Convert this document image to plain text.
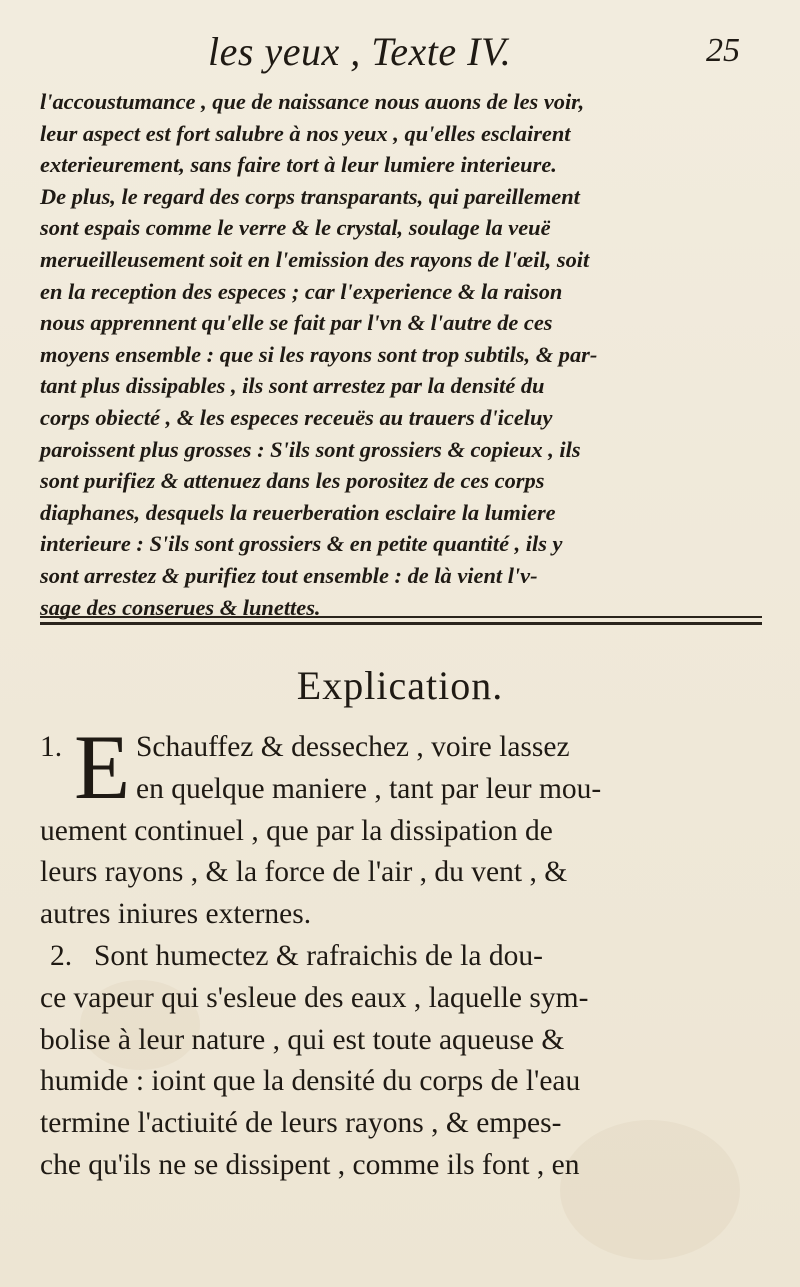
les yeux , Texte IV.	25
l'accoustumance , que de naissance nous auons de les voir,
leur aspect est fort salubre à nos yeux , qu'elles esclairent
exterieurement, sans faire tort à leur lumiere interieure.
De plus, le regard des corps transparants, qui pareillement
sont espais comme le verre & le crystal, soulage la veuë
merueilleusement soit en l'emission des rayons de l'œil, soit
en la reception des especes ; car l'experience & la raison
nous apprennent qu'elle se fait par l'vn & l'autre de ces
moyens ensemble : que si les rayons sont trop subtils, & par-
tant plus dissipables , ils sont arrestez par la densité du
corps obiecté , & les especes receuës au trauers d'iceluy
paroissent plus grosses : S'ils sont grossiers & copieux , ils
sont purifiez & attenuez dans les porositez de ces corps
diaphanes, desquels la reuerberation esclaire la lumiere
interieure : S'ils sont grossiers & en petite quantité , ils y
sont arrestez & purifiez tout ensemble : de là vient l'v-
sage des conserues & lunettes.
Explication.
E
1.	Schauffez & dessechez , voire lassez
en quelque maniere , tant par leur mou-
uement continuel , que par la dissipation de
leurs rayons , & la force de l'air , du vent , &
autres iniures externes.
2. Sont humectez & rafraichis de la dou-
ce vapeur qui s'esleue des eaux , laquelle sym-
bolise à leur nature , qui est toute aqueuse &
humide : ioint que la densité du corps de l'eau
termine l'actiuité de leurs rayons , & empes-
che qu'ils ne se dissipent , comme ils font , en
